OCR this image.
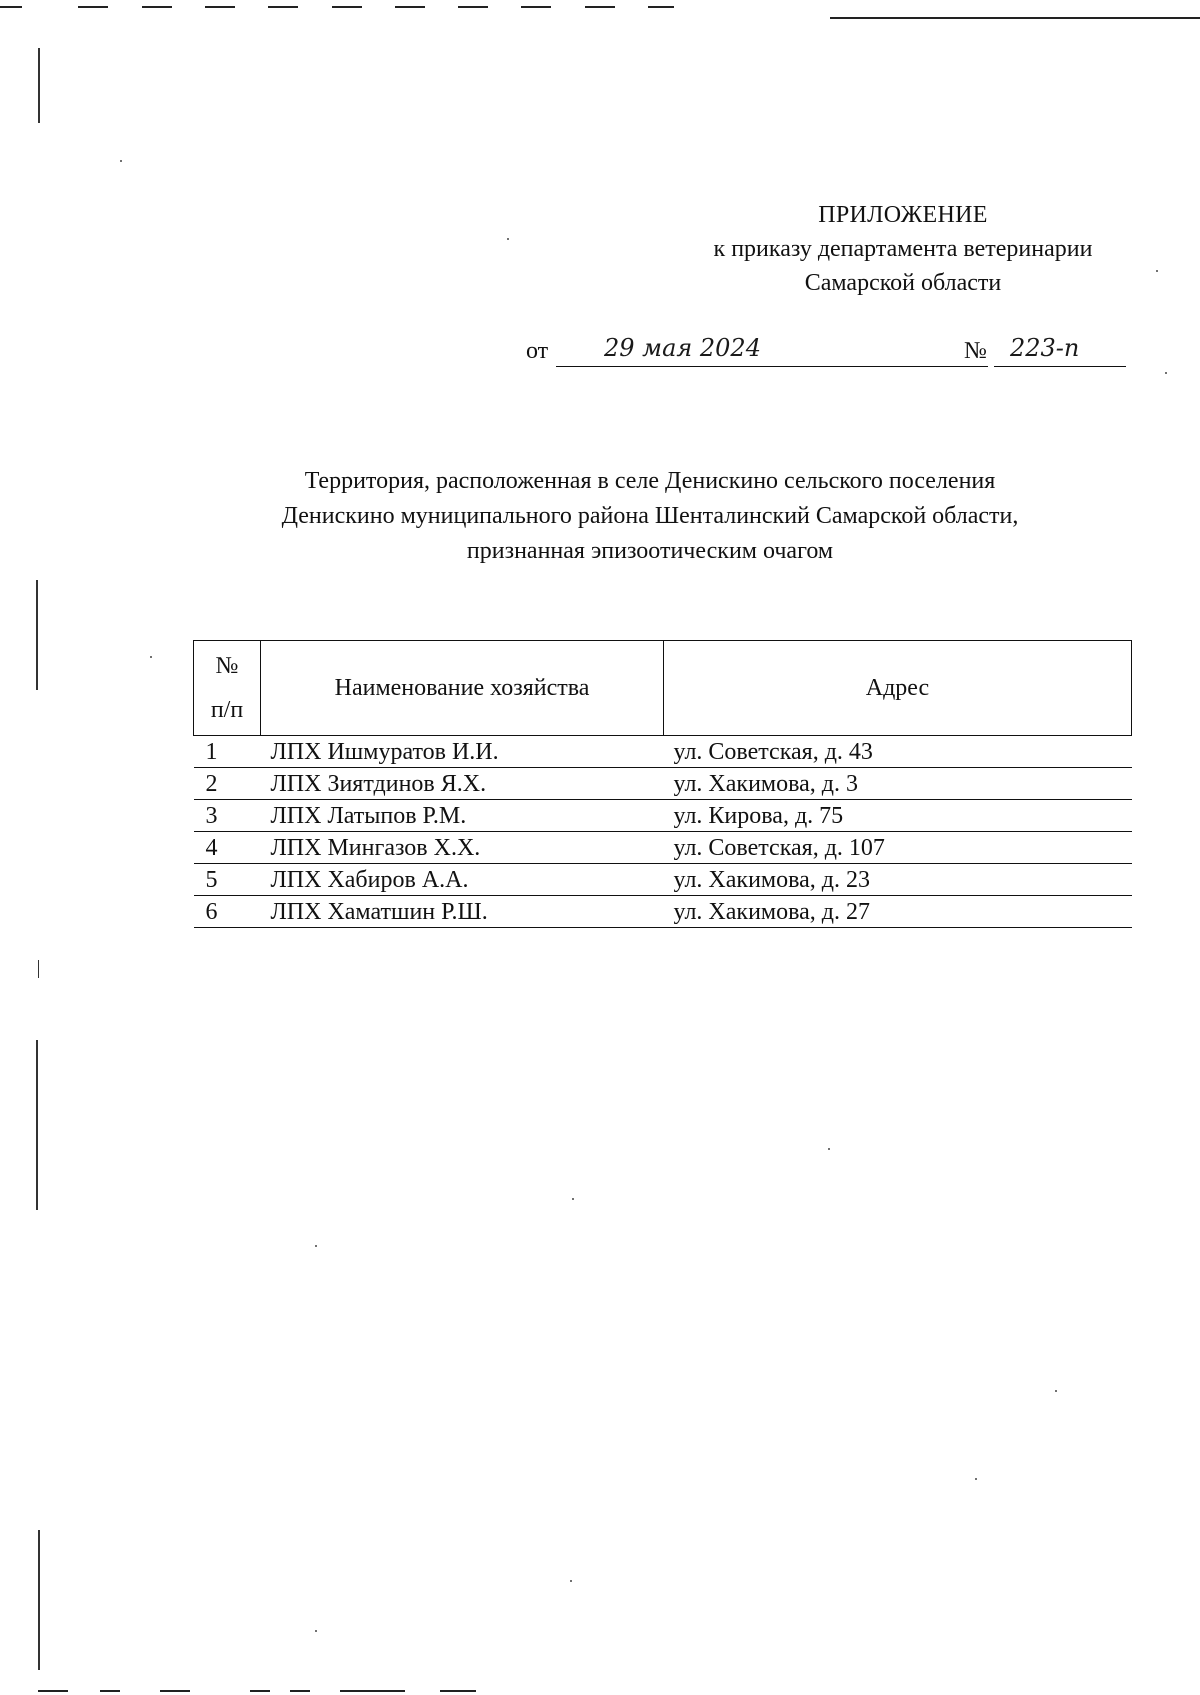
ПРИЛОЖЕНИЕ
к приказу департамента ветеринарии
Самарской области
от 29 мая 2024	№ 223-п
Территория, расположенная в селе Денискино сельского поселения
Денискино муниципального района Шенталинский Самарской области,
признанная эпизоотическим очагом
№
п/п	Наименование хозяйства	Адрес
1	ЛПХ Ишмуратов И.И.	ул. Советская, д. 43
2	ЛПХ Зиятдинов Я.Х.	ул. Хакимова, д. 3
3	ЛПХ Латыпов Р.М.	ул. Кирова, д. 75
4	ЛПХ Мингазов Х.Х.	ул. Советская, д. 107
5	ЛПХ Хабиров А.А.	ул. Хакимова, д. 23
6	ЛПХ Хаматшин Р.Ш.	ул. Хакимова, д. 27
